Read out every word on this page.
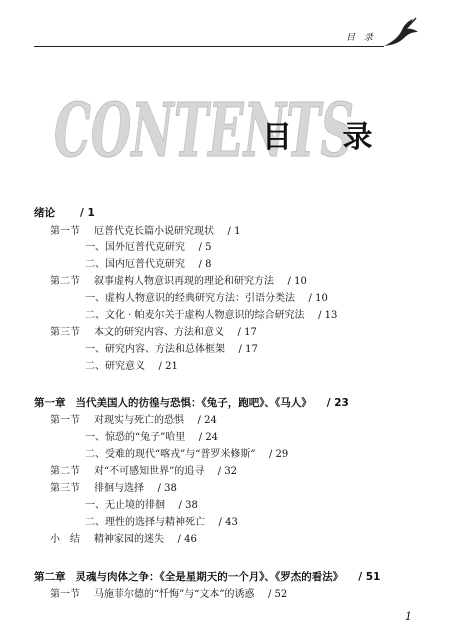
目 录
CONTENTS
目 录
绪论   / 1
第一节 厄普代克长篇小说研究现状   / 1
一、国外厄普代克研究   / 5
二、国内厄普代克研究   / 8
第二节 叙事虚构人物意识再现的理论和研究方法   / 10
一、虚构人物意识的经典研究方法：引语分类法   / 10
二、文化 · 帕麦尔关于虚构人物意识的综合研究法   / 13
第三节 本文的研究内容、方法和意义   / 17
一、研究内容、方法和总体框架   / 17
二、研究意义   / 21
第一章 当代美国人的彷徨与恐惧：《兔子，跑吧》、《马人》   / 23
第一节 对现实与死亡的恐惧   / 24
一、惊恐的“兔子”哈里   / 24
二、受难的现代“喀戎”与“普罗米修斯”   / 29
第二节 对“不可感知世界”的追寻   / 32
第三节 徘徊与选择   / 38
一、无止境的徘徊   / 38
二、理性的选择与精神死亡   / 43
小　结 精神家园的迷失   / 46
第二章 灵魂与肉体之争：《全是星期天的一个月》、《罗杰的看法》   / 51
第一节 马施菲尔德的“忏悔”与“文本”的诱惑   / 52
1
